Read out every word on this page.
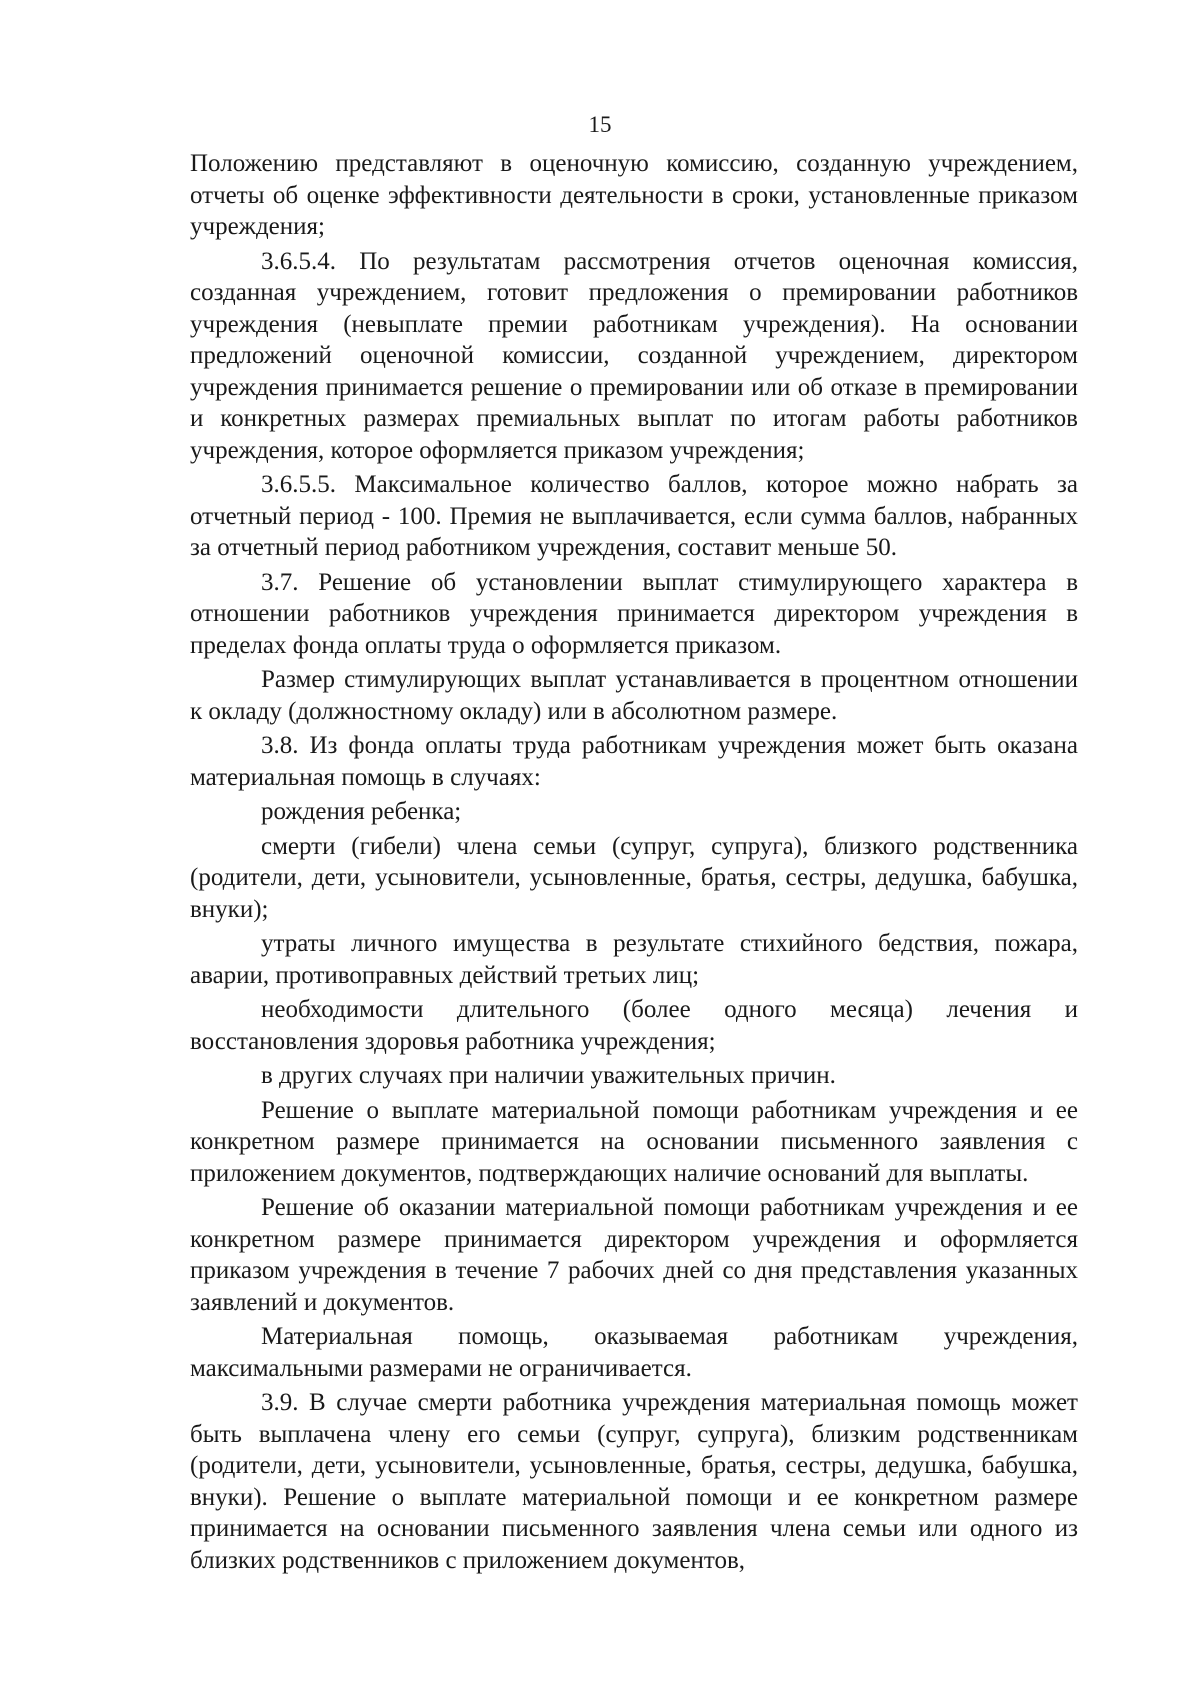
15

Положению представляют в оценочную комиссию, созданную учреждением, отчеты об оценке эффективности деятельности в сроки, установленные приказом учреждения;

3.6.5.4. По результатам рассмотрения отчетов оценочная комиссия, созданная учреждением, готовит предложения о премировании работников учреждения (невыплате премии работникам учреждения). На основании предложений оценочной комиссии, созданной учреждением, директором учреждения принимается решение о премировании или об отказе в премировании и конкретных размерах премиальных выплат по итогам работы работников учреждения, которое оформляется приказом учреждения;

3.6.5.5. Максимальное количество баллов, которое можно набрать за отчетный период - 100. Премия не выплачивается, если сумма баллов, набранных за отчетный период работником учреждения, составит меньше 50.

3.7. Решение об установлении выплат стимулирующего характера в отношении работников учреждения принимается директором учреждения в пределах фонда оплаты труда о оформляется приказом.

Размер стимулирующих выплат устанавливается в процентном отношении к окладу (должностному окладу) или в абсолютном размере.

3.8. Из фонда оплаты труда работникам учреждения может быть оказана материальная помощь в случаях:

рождения ребенка;

смерти (гибели) члена семьи (супруг, супруга), близкого родственника (родители, дети, усыновители, усыновленные, братья, сестры, дедушка, бабушка, внуки);

утраты личного имущества в результате стихийного бедствия, пожара, аварии, противоправных действий третьих лиц;

необходимости длительного (более одного месяца) лечения и восстановления здоровья работника учреждения;

в других случаях при наличии уважительных причин.

Решение о выплате материальной помощи работникам учреждения и ее конкретном размере принимается на основании письменного заявления с приложением документов, подтверждающих наличие оснований для выплаты.

Решение об оказании материальной помощи работникам учреждения и ее конкретном размере принимается директором учреждения и оформляется приказом учреждения в течение 7 рабочих дней со дня представления указанных заявлений и документов.

Материальная помощь, оказываемая работникам учреждения, максимальными размерами не ограничивается.

3.9. В случае смерти работника учреждения материальная помощь может быть выплачена члену его семьи (супруг, супруга), близким родственникам (родители, дети, усыновители, усыновленные, братья, сестры, дедушка, бабушка, внуки). Решение о выплате материальной помощи и ее конкретном размере принимается на основании письменного заявления члена семьи или одного из близких родственников с приложением документов,
